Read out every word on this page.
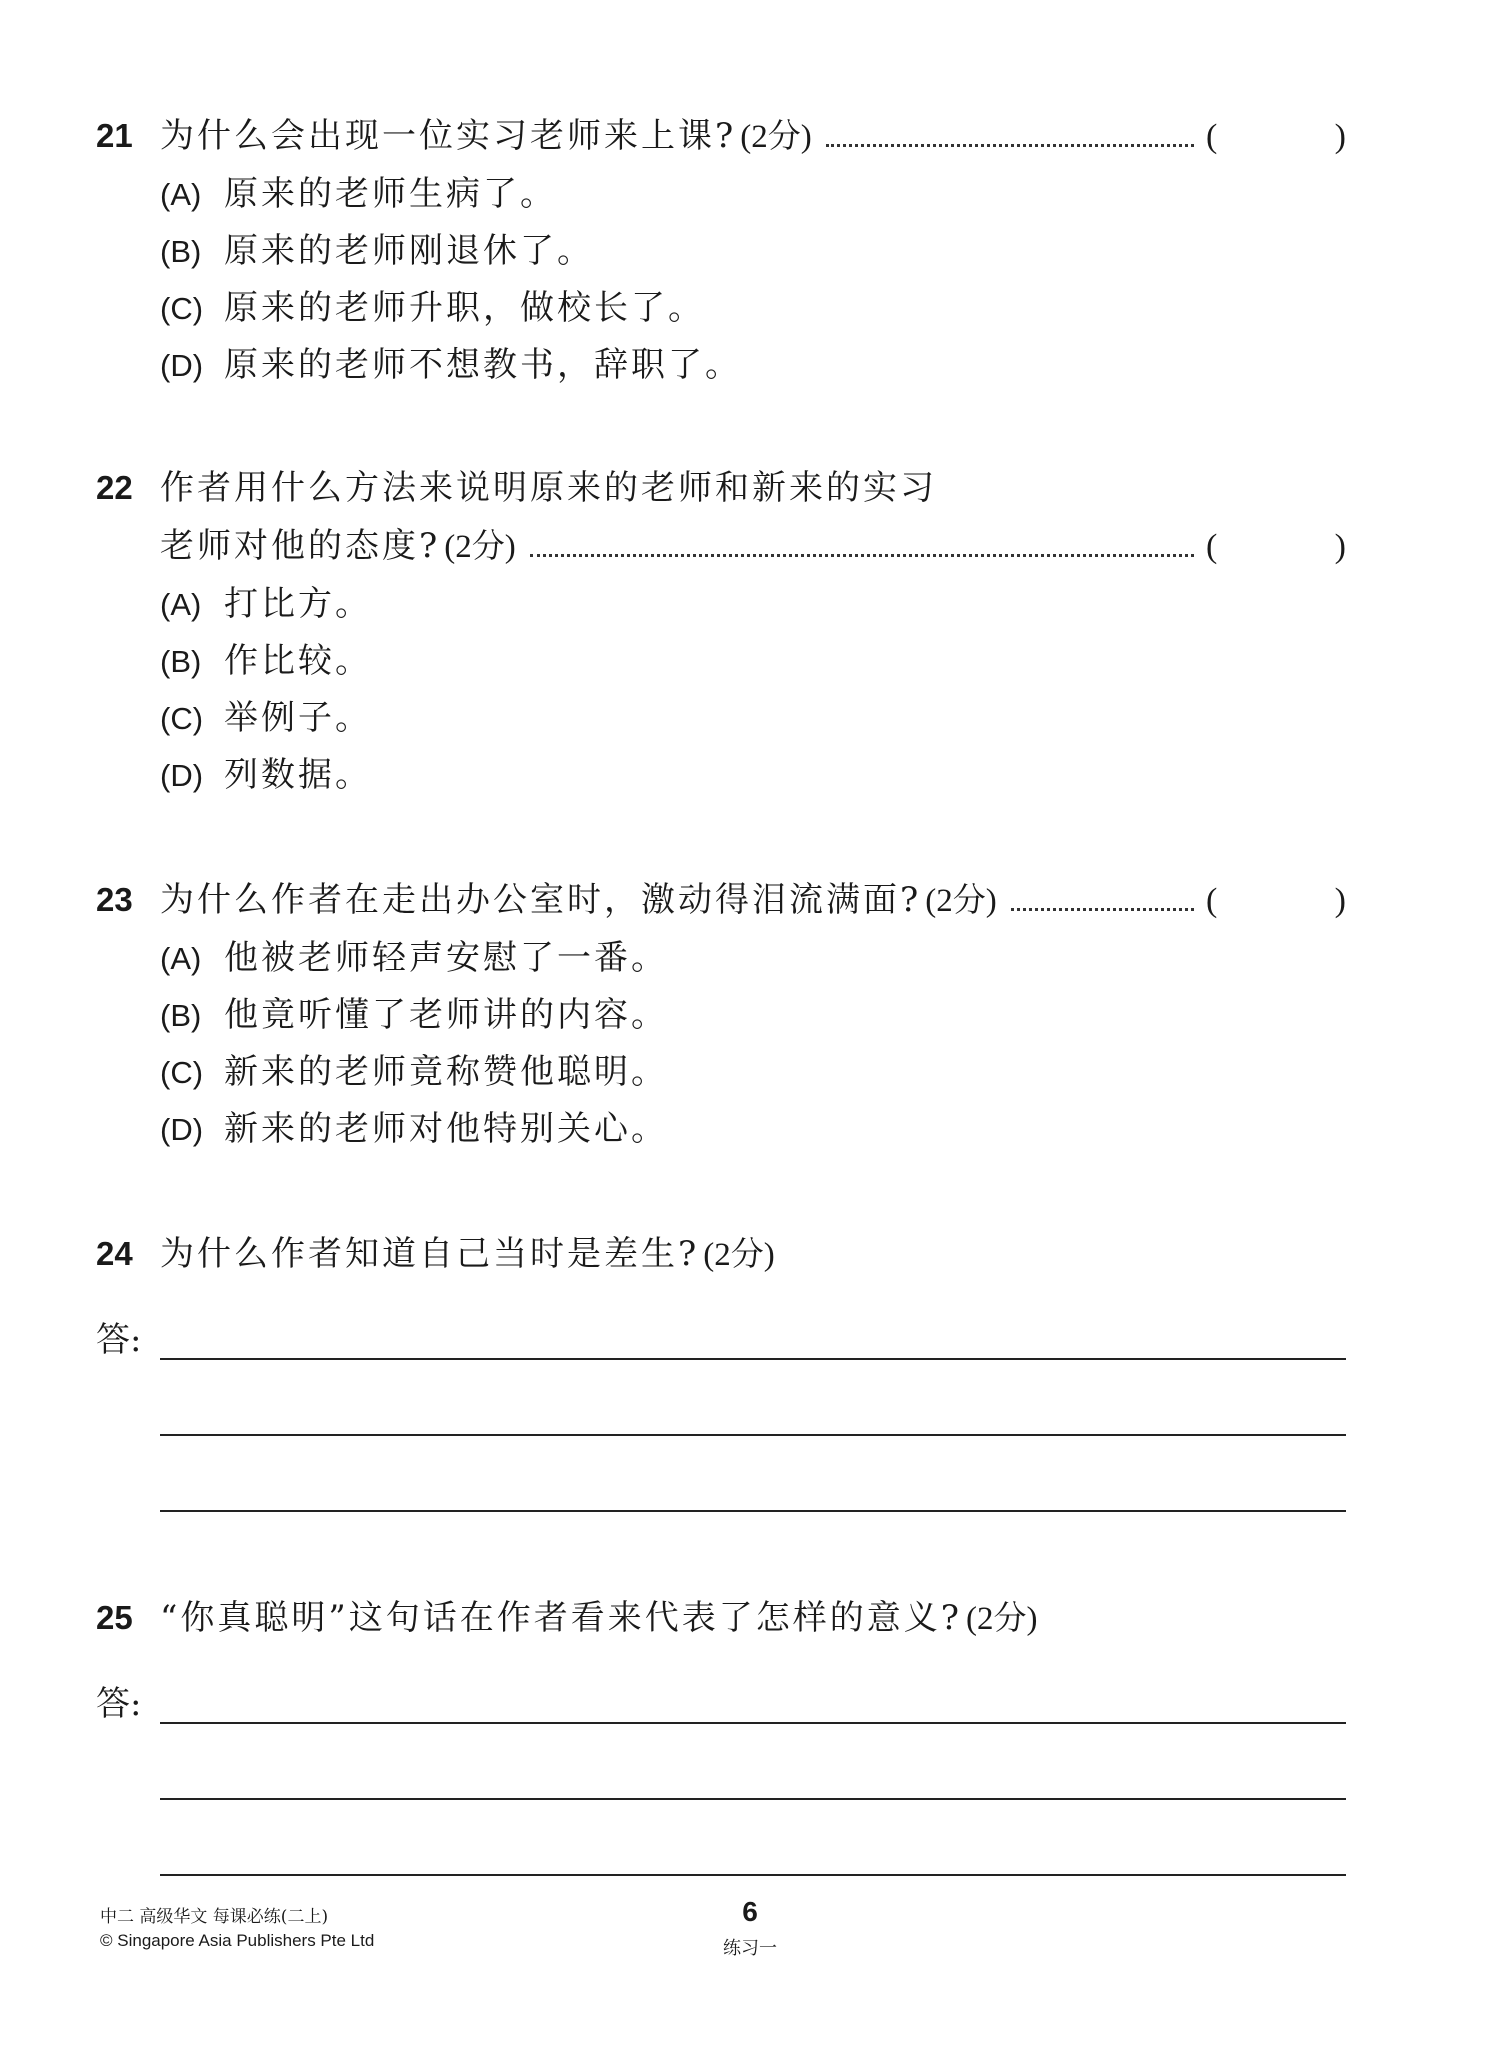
21 为什么会出现一位实习老师来上课? (2分)	(	)
(A) 原来的老师生病了。
(B) 原来的老师刚退休了。
(C) 原来的老师升职，做校长了。
(D) 原来的老师不想教书，辞职了。
22 作者用什么方法来说明原来的老师和新来的实习
老师对他的态度? (2分)	(	)
(A) 打比方。
(B) 作比较。
(C) 举例子。
(D) 列数据。
23 为什么作者在走出办公室时，激动得泪流满面? (2分)	(	)
(A) 他被老师轻声安慰了一番。
(B) 他竟听懂了老师讲的内容。
(C) 新来的老师竟称赞他聪明。
(D) 新来的老师对他特别关心。
24 为什么作者知道自己当时是差生? (2分)
答:
25 “你真聪明”这句话在作者看来代表了怎样的意义? (2分)
答:
中二 高级华文 每课必练(二上)
© Singapore Asia Publishers Pte Ltd
6
练习一
